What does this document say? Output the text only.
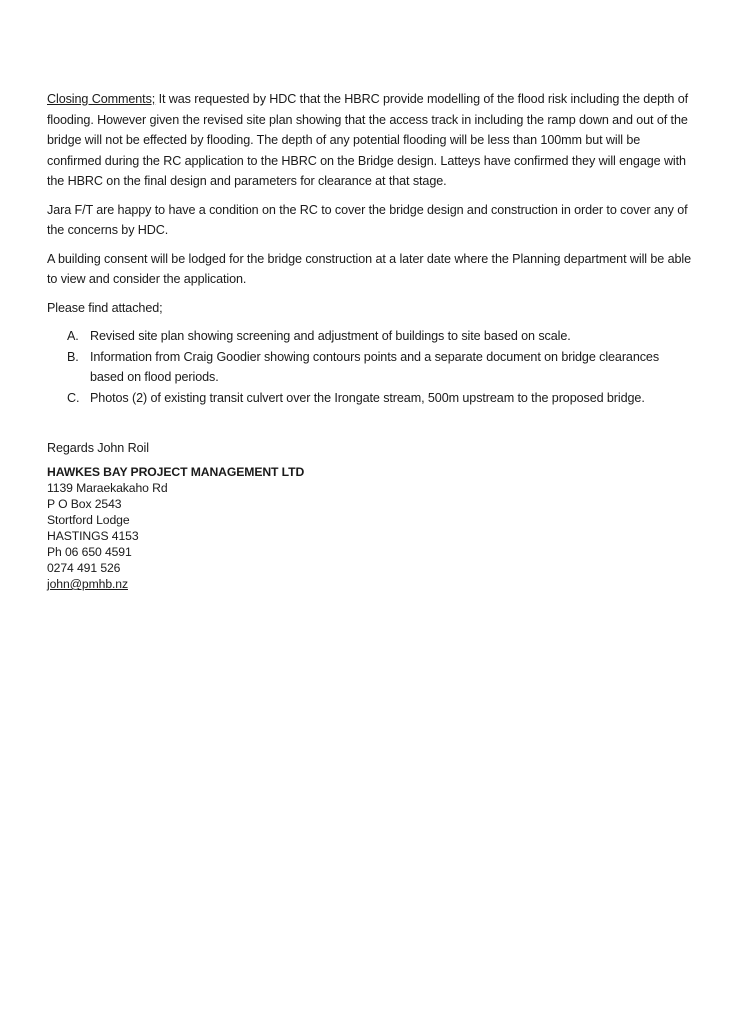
Closing Comments; It was requested by HDC that the HBRC provide modelling of the flood risk including the depth of flooding. However given the revised site plan showing that the access track in including the ramp down and out of the bridge will not be effected by flooding. The depth of any potential flooding will be less than 100mm but will be confirmed during the RC application to the HBRC on the Bridge design. Latteys have confirmed they will engage with the HBRC on the final design and parameters for clearance at that stage.

Jara F/T are happy to have a condition on the RC to cover the bridge design and construction in order to cover any of the concerns by HDC.

A building consent will be lodged for the bridge construction at a later date where the Planning department will be able to view and consider the application.

Please find attached;

A. Revised site plan showing screening and adjustment of buildings to site based on scale.
B. Information from Craig Goodier showing contours points and a separate document on bridge clearances based on flood periods.
C. Photos (2) of existing transit culvert over the Irongate stream, 500m upstream to the proposed bridge.

Regards John Roil

HAWKES BAY PROJECT MANAGEMENT LTD
1139 Maraekakaho Rd
P O Box 2543
Stortford Lodge
HASTINGS 4153
Ph 06 650 4591
0274 491 526
john@pmhb.nz
